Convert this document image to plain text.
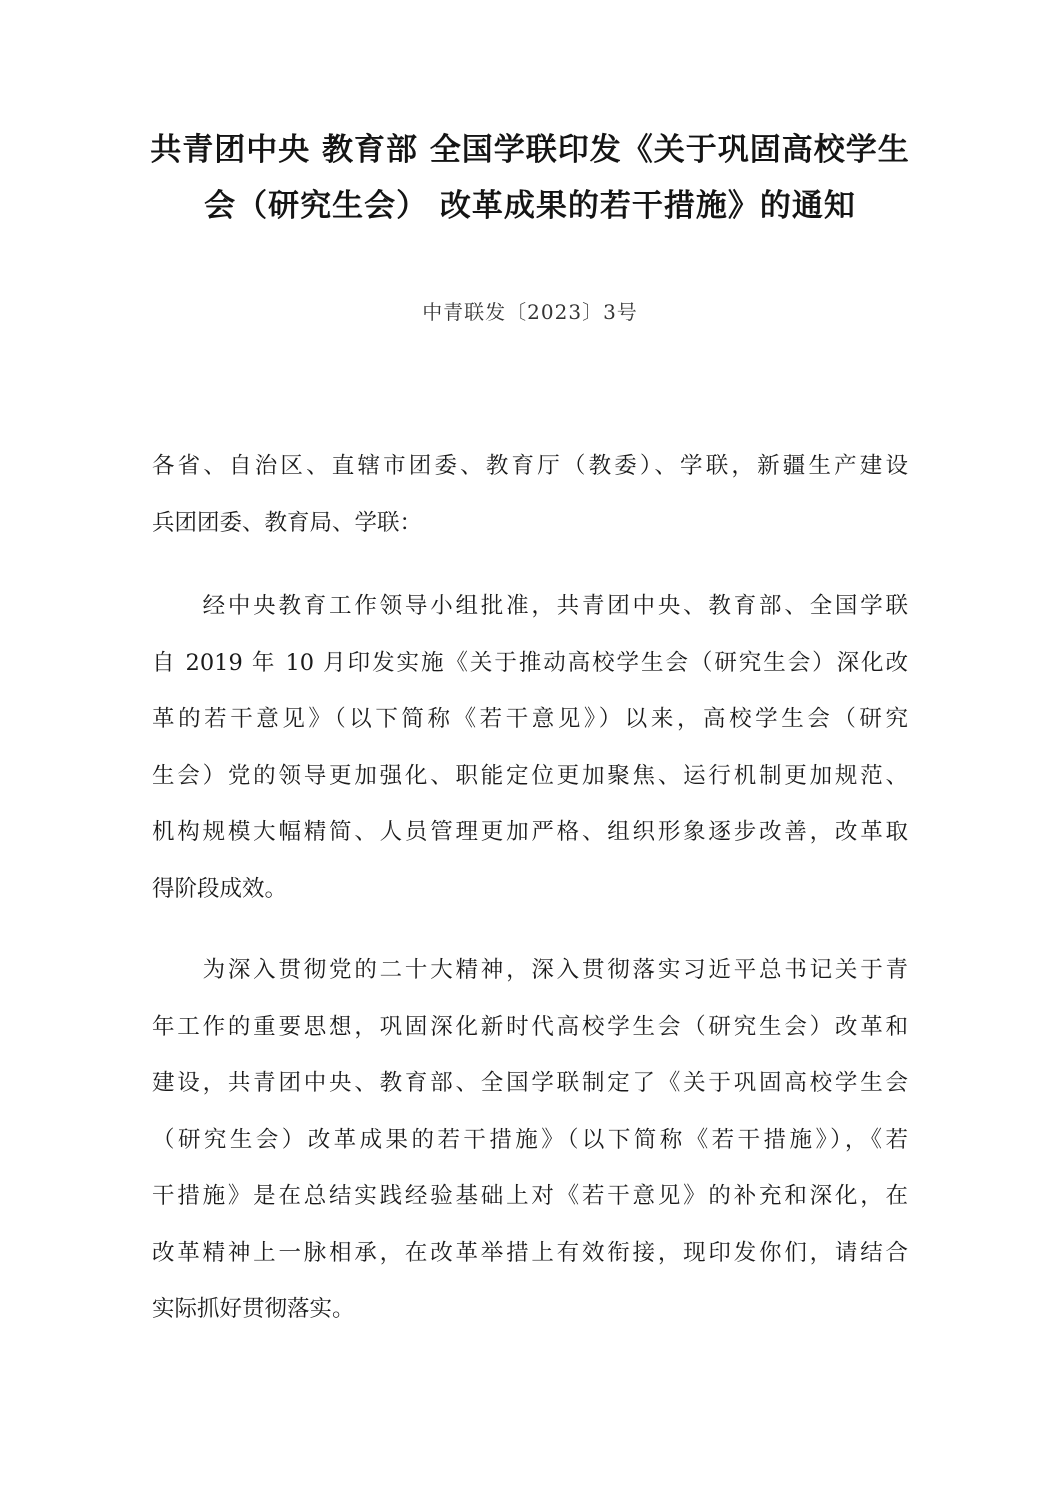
共青团中央 教育部 全国学联印发《关于巩固高校学生
会（研究生会） 改革成果的若干措施》的通知
中青联发〔2023〕3号

各省、自治区、直辖市团委、教育厅（教委）、学联，新疆生产建设
兵团团委、教育局、学联：

　　经中央教育工作领导小组批准，共青团中央、教育部、全国学联
自 2019 年 10 月印发实施《关于推动高校学生会（研究生会）深化改
革的若干意见》（以下简称《若干意见》）以来，高校学生会（研究
生会）党的领导更加强化、职能定位更加聚焦、运行机制更加规范、
机构规模大幅精简、人员管理更加严格、组织形象逐步改善，改革取
得阶段成效。

　　为深入贯彻党的二十大精神，深入贯彻落实习近平总书记关于青
年工作的重要思想，巩固深化新时代高校学生会（研究生会）改革和
建设，共青团中央、教育部、全国学联制定了《关于巩固高校学生会
（研究生会）改革成果的若干措施》（以下简称《若干措施》），《若
干措施》是在总结实践经验基础上对《若干意见》的补充和深化，在
改革精神上一脉相承，在改革举措上有效衔接，现印发你们，请结合
实际抓好贯彻落实。
